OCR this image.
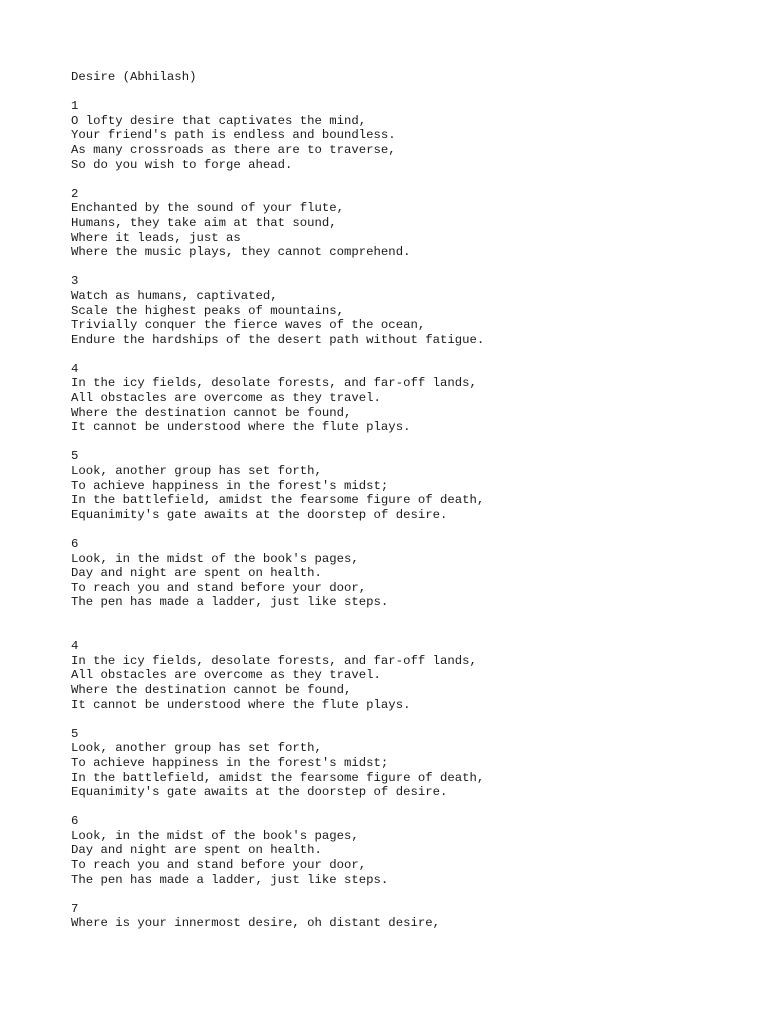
Desire (Abhilash)
1
O lofty desire that captivates the mind,
Your friend's path is endless and boundless.
As many crossroads as there are to traverse,
So do you wish to forge ahead.
2
Enchanted by the sound of your flute,
Humans, they take aim at that sound,
Where it leads, just as
Where the music plays, they cannot comprehend.
3
Watch as humans, captivated,
Scale the highest peaks of mountains,
Trivially conquer the fierce waves of the ocean,
Endure the hardships of the desert path without fatigue.
4
In the icy fields, desolate forests, and far-off lands,
All obstacles are overcome as they travel.
Where the destination cannot be found,
It cannot be understood where the flute plays.
5
Look, another group has set forth,
To achieve happiness in the forest's midst;
In the battlefield, amidst the fearsome figure of death,
Equanimity's gate awaits at the doorstep of desire.
6
Look, in the midst of the book's pages,
Day and night are spent on health.
To reach you and stand before your door,
The pen has made a ladder, just like steps.
4
In the icy fields, desolate forests, and far-off lands,
All obstacles are overcome as they travel.
Where the destination cannot be found,
It cannot be understood where the flute plays.
5
Look, another group has set forth,
To achieve happiness in the forest's midst;
In the battlefield, amidst the fearsome figure of death,
Equanimity's gate awaits at the doorstep of desire.
6
Look, in the midst of the book's pages,
Day and night are spent on health.
To reach you and stand before your door,
The pen has made a ladder, just like steps.
7
Where is your innermost desire, oh distant desire,
